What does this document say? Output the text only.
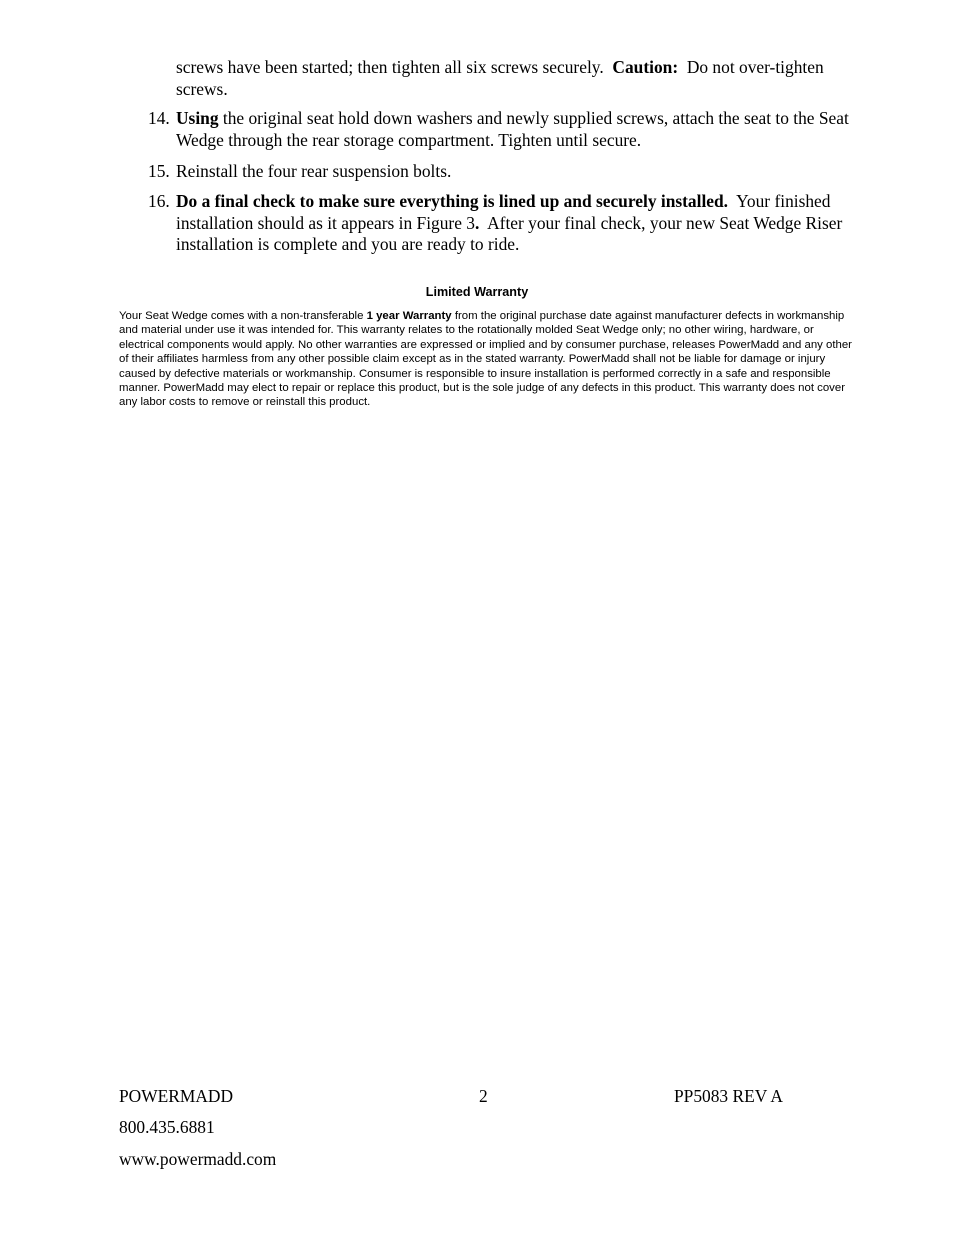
screws have been started; then tighten all six screws securely. Caution: Do not over-tighten screws.
14. Using the original seat hold down washers and newly supplied screws, attach the seat to the Seat Wedge through the rear storage compartment. Tighten until secure.
15. Reinstall the four rear suspension bolts.
16. Do a final check to make sure everything is lined up and securely installed. Your finished installation should as it appears in Figure 3. After your final check, your new Seat Wedge Riser installation is complete and you are ready to ride.
Limited Warranty
Your Seat Wedge comes with a non-transferable 1 year Warranty from the original purchase date against manufacturer defects in workmanship and material under use it was intended for. This warranty relates to the rotationally molded Seat Wedge only; no other wiring, hardware, or electrical components would apply. No other warranties are expressed or implied and by consumer purchase, releases PowerMadd and any other of their affiliates harmless from any other possible claim except as in the stated warranty. PowerMadd shall not be liable for damage or injury caused by defective materials or workmanship. Consumer is responsible to insure installation is performed correctly in a safe and responsible manner. PowerMadd may elect to repair or replace this product, but is the sole judge of any defects in this product. This warranty does not cover any labor costs to remove or reinstall this product.
POWERMADD	2	PP5083 REV A
800.435.6881
www.powermadd.com
